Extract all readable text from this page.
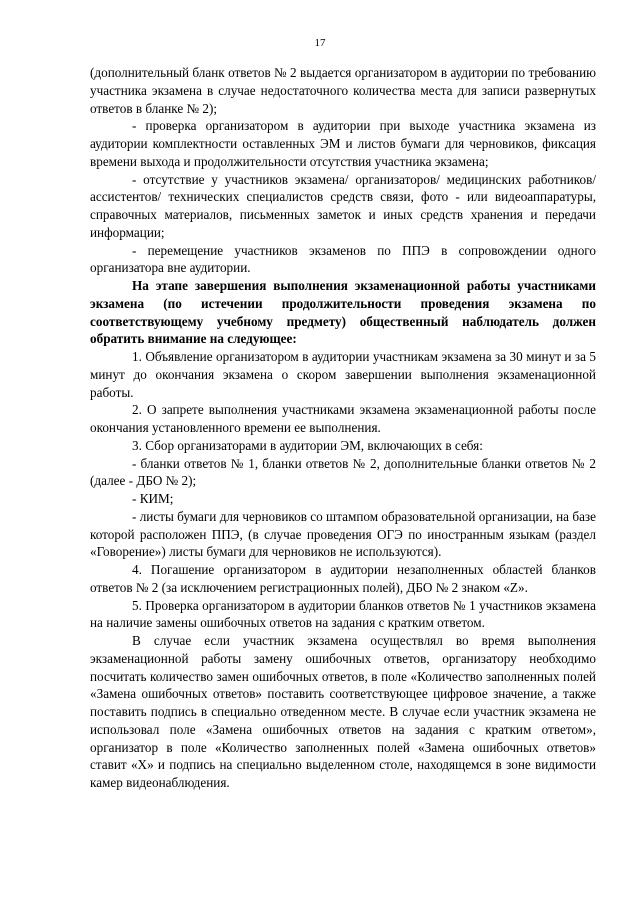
17

(дополнительный бланк ответов № 2 выдается организатором в аудитории по требованию участника экзамена в случае недостаточного количества места для записи развернутых ответов в бланке № 2);

- проверка организатором в аудитории при выходе участника экзамена из аудитории комплектности оставленных ЭМ и листов бумаги для черновиков, фиксация времени выхода и продолжительности отсутствия участника экзамена;

- отсутствие у участников экзамена/ организаторов/ медицинских работников/ ассистентов/ технических специалистов средств связи, фото - или видеоаппаратуры, справочных материалов, письменных заметок и иных средств хранения и передачи информации;

- перемещение участников экзаменов по ППЭ в сопровождении одного организатора вне аудитории.

На этапе завершения выполнения экзаменационной работы участниками экзамена (по истечении продолжительности проведения экзамена по соответствующему учебному предмету) общественный наблюдатель должен обратить внимание на следующее:

1. Объявление организатором в аудитории участникам экзамена за 30 минут и за 5 минут до окончания экзамена о скором завершении выполнения экзаменационной работы.

2. О запрете выполнения участниками экзамена экзаменационной работы после окончания установленного времени ее выполнения.

3. Сбор организаторами в аудитории ЭМ, включающих в себя:

- бланки ответов № 1, бланки ответов № 2, дополнительные бланки ответов № 2 (далее - ДБО № 2);

- КИМ;

- листы бумаги для черновиков со штампом образовательной организации, на базе которой расположен ППЭ, (в случае проведения ОГЭ по иностранным языкам (раздел «Говорение») листы бумаги для черновиков не используются).

4. Погашение организатором в аудитории незаполненных областей бланков ответов № 2 (за исключением регистрационных полей), ДБО № 2 знаком «Z».

5. Проверка организатором в аудитории бланков ответов № 1 участников экзамена на наличие замены ошибочных ответов на задания с кратким ответом.

В случае если участник экзамена осуществлял во время выполнения экзаменационной работы замену ошибочных ответов, организатору необходимо посчитать количество замен ошибочных ответов, в поле «Количество заполненных полей «Замена ошибочных ответов» поставить соответствующее цифровое значение, а также поставить подпись в специально отведенном месте. В случае если участник экзамена не использовал поле «Замена ошибочных ответов на задания с кратким ответом», организатор в поле «Количество заполненных полей «Замена ошибочных ответов» ставит «X» и подпись на специально выделенном столе, находящемся в зоне видимости камер видеонаблюдения.
